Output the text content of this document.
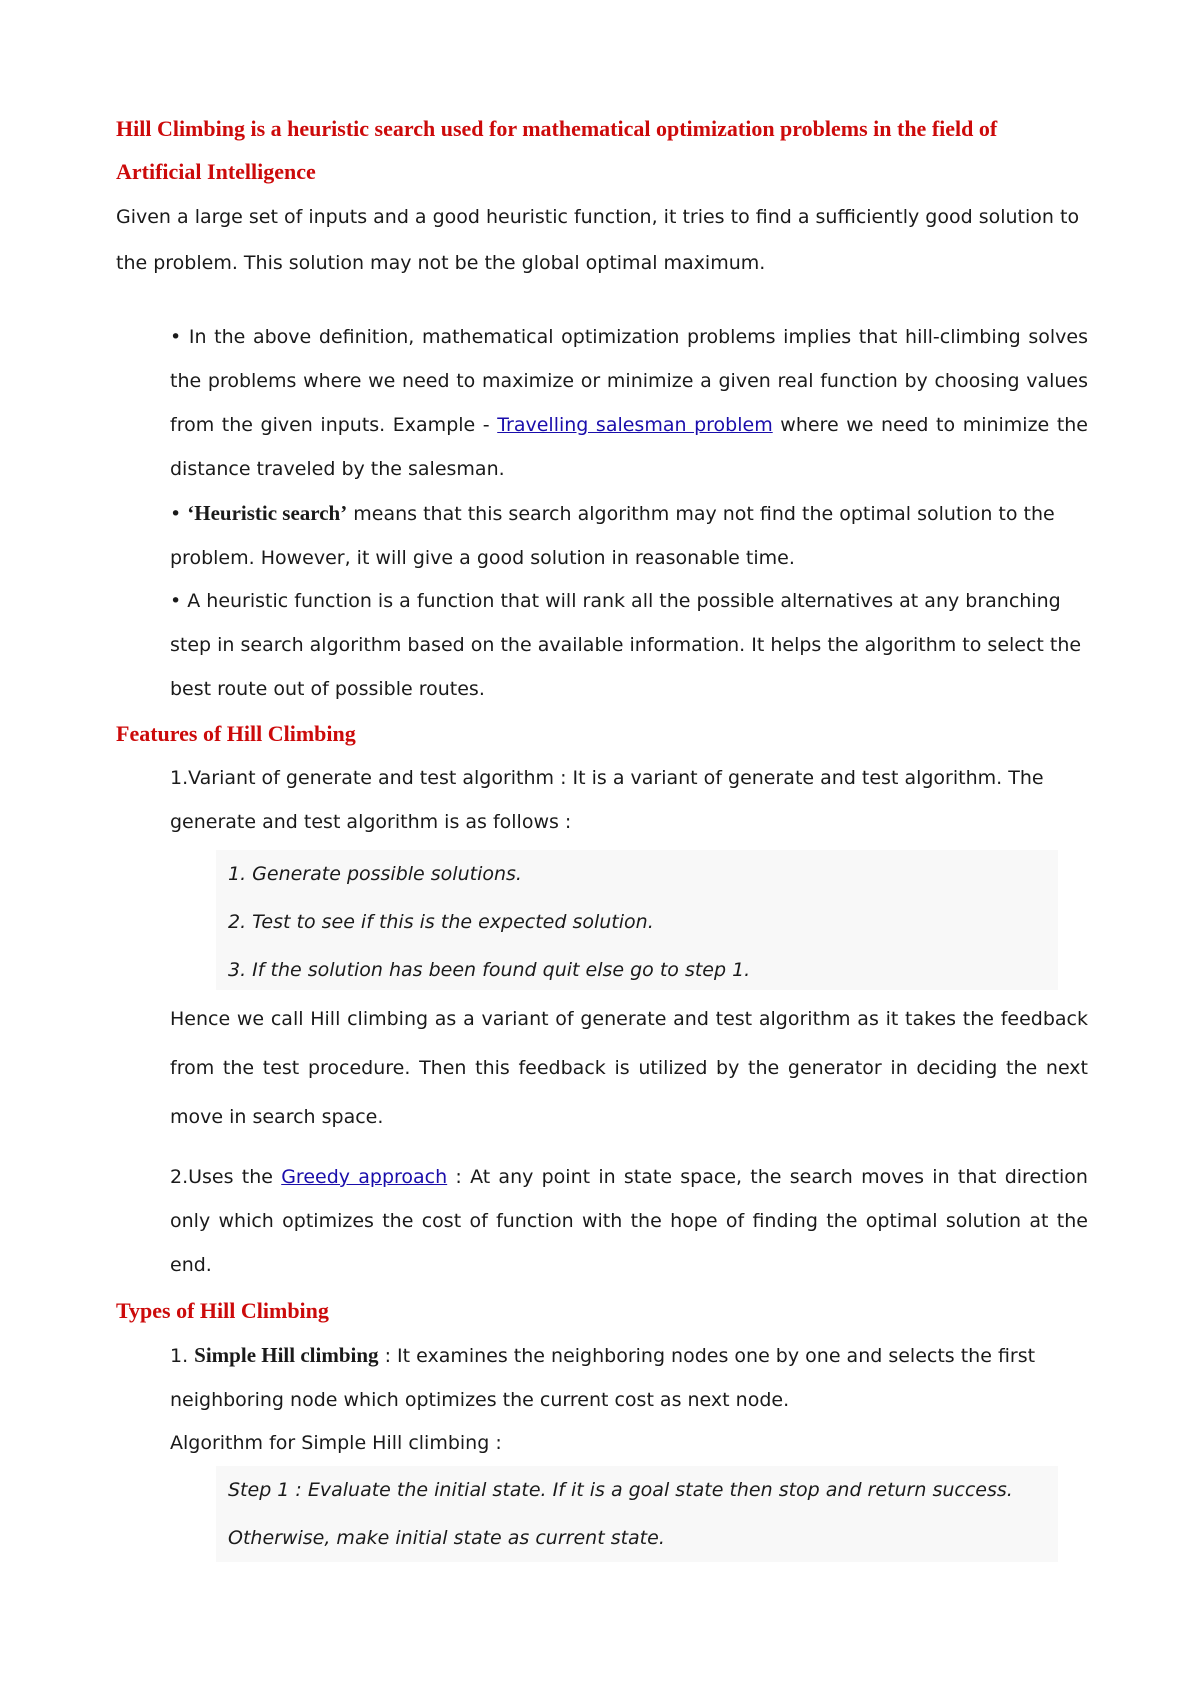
Hill Climbing is a heuristic search used for mathematical optimization problems in the field of

Artificial Intelligence

Given a large set of inputs and a good heuristic function, it tries to find a sufficiently good solution to the problem. This solution may not be the global optimal maximum.
• In the above definition, mathematical optimization problems implies that hill-climbing solves the problems where we need to maximize or minimize a given real function by choosing values from the given inputs. Example - Travelling salesman problem where we need to minimize the distance traveled by the salesman.
• ‘Heuristic search’ means that this search algorithm may not find the optimal solution to the problem. However, it will give a good solution in reasonable time.
• A heuristic function is a function that will rank all the possible alternatives at any branching step in search algorithm based on the available information. It helps the algorithm to select the best route out of possible routes.

Features of Hill Climbing

1.Variant of generate and test algorithm : It is a variant of generate and test algorithm. The generate and test algorithm is as follows :
1. Generate possible solutions.
2. Test to see if this is the expected solution.
3. If the solution has been found quit else go to step 1.
Hence we call Hill climbing as a variant of generate and test algorithm as it takes the feedback from the test procedure. Then this feedback is utilized by the generator in deciding the next move in search space.
2.Uses the Greedy approach : At any point in state space, the search moves in that direction only which optimizes the cost of function with the hope of finding the optimal solution at the end.

Types of Hill Climbing

1. Simple Hill climbing : It examines the neighboring nodes one by one and selects the first neighboring node which optimizes the current cost as next node.
Algorithm for Simple Hill climbing :
Step 1 : Evaluate the initial state. If it is a goal state then stop and return success. Otherwise, make initial state as current state.
